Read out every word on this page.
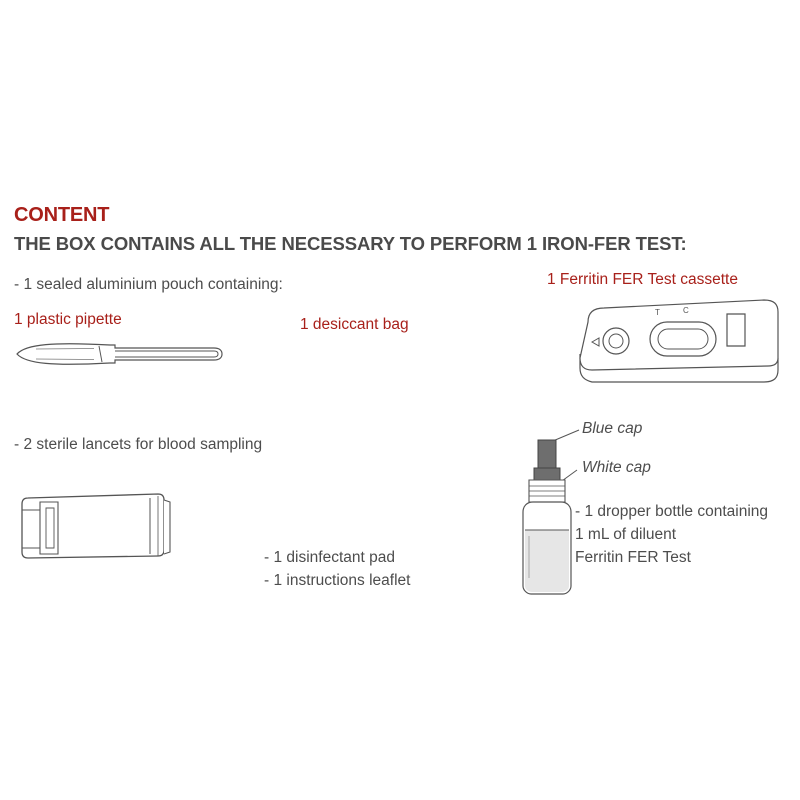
CONTENT
THE BOX CONTAINS ALL THE NECESSARY TO PERFORM 1 IRON-FER TEST:
- 1 sealed aluminium pouch containing:
1 plastic pipette	1 desiccant bag
1 Ferritin FER Test cassette
T	C
- 2 sterile lancets for blood sampling
- 1 disinfectant pad
- 1 instructions leaflet
Blue cap
White cap
- 1 dropper bottle containing
1 mL of diluent
Ferritin FER Test
